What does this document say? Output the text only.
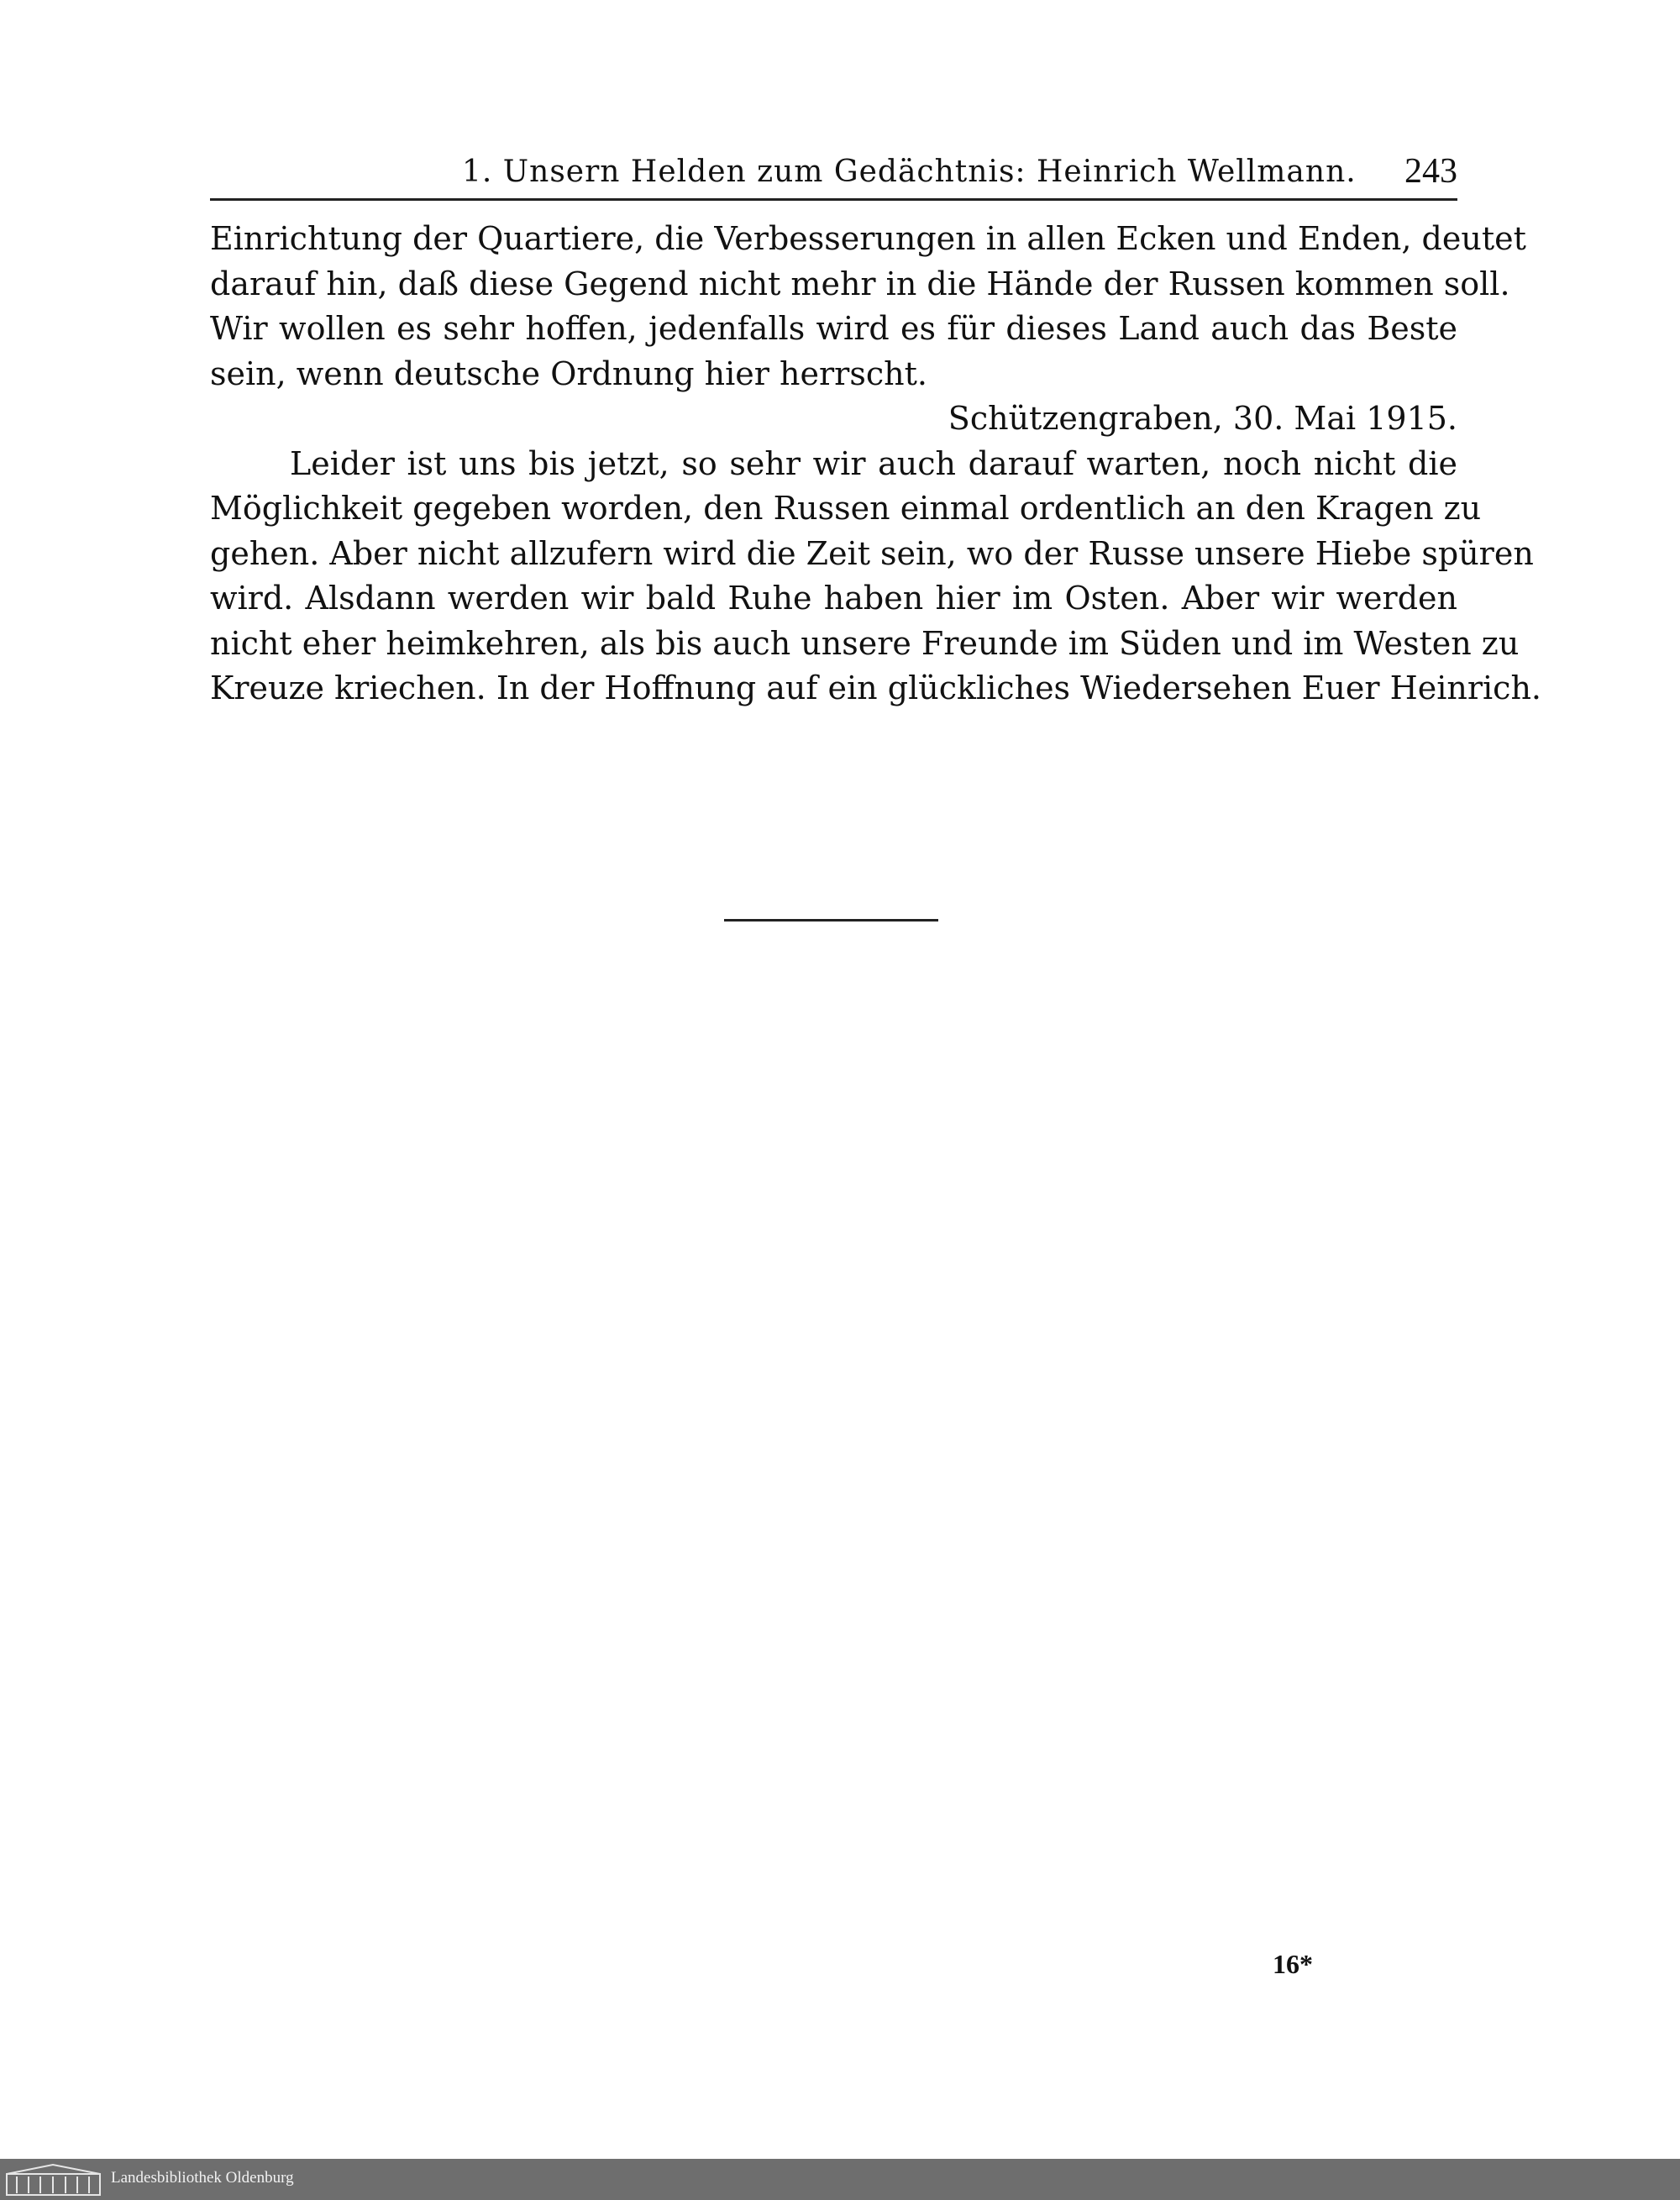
1. Unsern Helden zum Gedächtnis: Heinrich Wellmann. 243
Einrichtung der Quartiere, die Verbesserungen in allen Ecken und Enden, deutet
darauf hin, daß diese Gegend nicht mehr in die Hände der Russen kommen soll.
Wir wollen es sehr hoffen, jedenfalls wird es für dieses Land auch das Beste
sein, wenn deutsche Ordnung hier herrscht.
Schützengraben, 30. Mai 1915.
Leider ist uns bis jetzt, so sehr wir auch darauf warten, noch nicht die
Möglichkeit gegeben worden, den Russen einmal ordentlich an den Kragen zu
gehen. Aber nicht allzufern wird die Zeit sein, wo der Russe unsere Hiebe spüren
wird. Alsdann werden wir bald Ruhe haben hier im Osten. Aber wir werden
nicht eher heimkehren, als bis auch unsere Freunde im Süden und im Westen zu
Kreuze kriechen. In der Hoffnung auf ein glückliches Wiedersehen Euer Heinrich.
16*
Landesbibliothek Oldenburg
